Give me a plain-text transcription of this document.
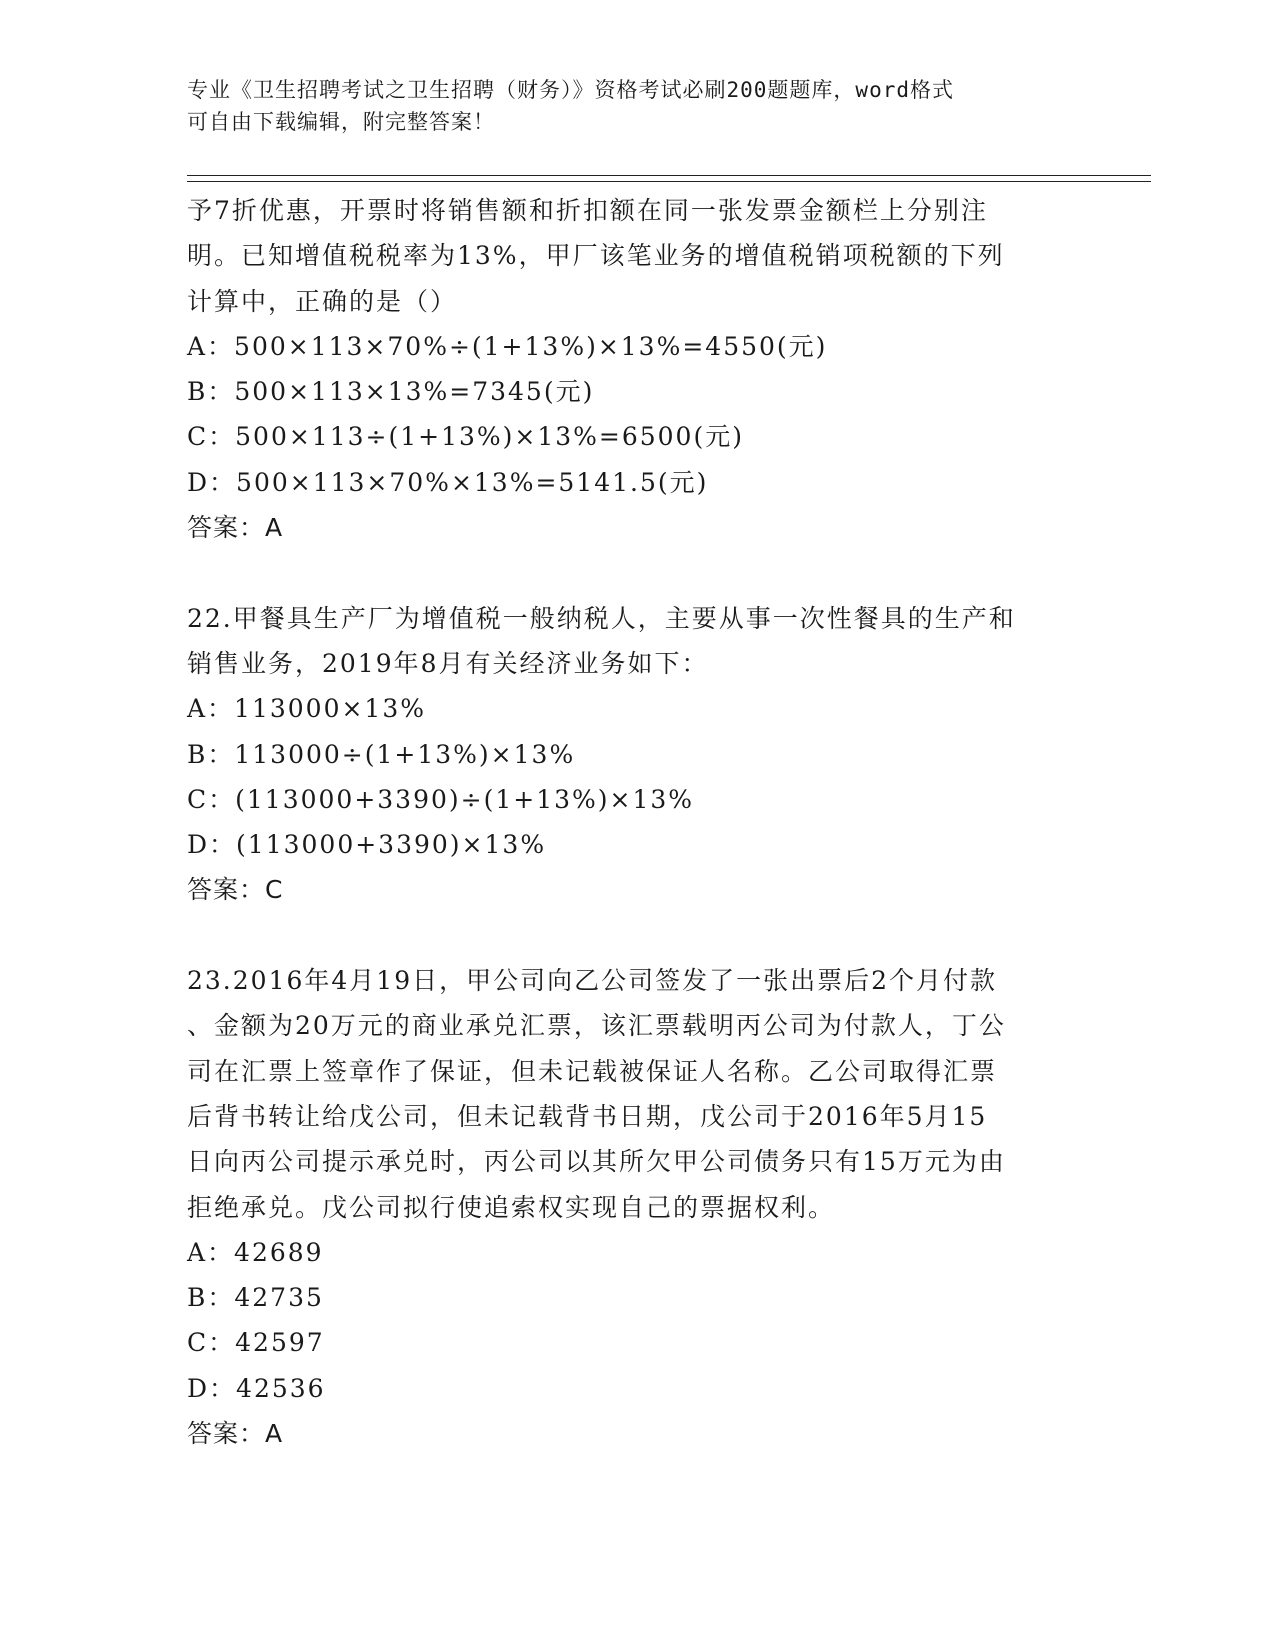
专业《卫生招聘考试之卫生招聘（财务）》资格考试必刷200题题库，word格式
可自由下载编辑，附完整答案！
予7折优惠，开票时将销售额和折扣额在同一张发票金额栏上分别注
明。已知增值税税率为13%，甲厂该笔业务的增值税销项税额的下列
计算中，正确的是（）
A：500×113×70%÷(1+13%)×13%=4550(元)
B：500×113×13%=7345(元)
C：500×113÷(1+13%)×13%=6500(元)
D：500×113×70%×13%=5141.5(元)
答案：A
22.甲餐具生产厂为增值税一般纳税人，主要从事一次性餐具的生产和
销售业务，2019年8月有关经济业务如下：
A：113000×13%
B：113000÷(1+13%)×13%
C：(113000+3390)÷(1+13%)×13%
D：(113000+3390)×13%
答案：C
23.2016年4月19日，甲公司向乙公司签发了一张出票后2个月付款
、金额为20万元的商业承兑汇票，该汇票载明丙公司为付款人，丁公
司在汇票上签章作了保证，但未记载被保证人名称。乙公司取得汇票
后背书转让给戊公司，但未记载背书日期，戊公司于2016年5月15
日向丙公司提示承兑时，丙公司以其所欠甲公司债务只有15万元为由
拒绝承兑。戊公司拟行使追索权实现自己的票据权利。
A：42689
B：42735
C：42597
D：42536
答案：A
